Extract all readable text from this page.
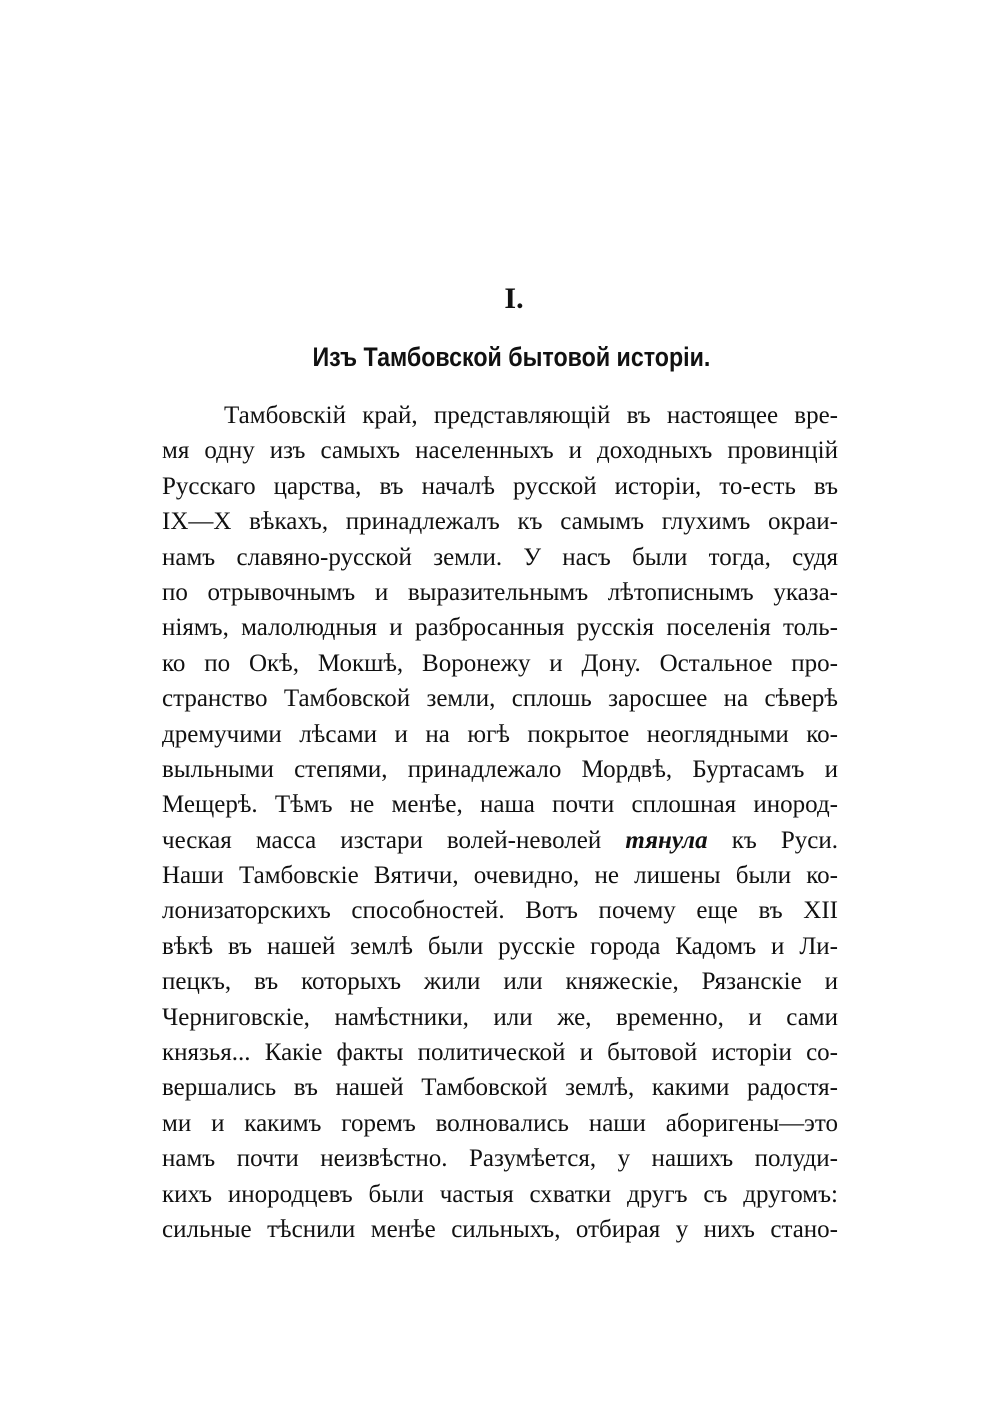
I.
Изъ Тамбовской бытовой исторiи.
Тамбовскiй край, представляющiй въ настоящее вре-
мя одну изъ самыхъ населенныхъ и доходныхъ провинцiй
Русскаго царства, въ началѣ русской исторiи, то-есть въ
IX—X вѣкахъ, принадлежалъ къ самымъ глухимъ окраи-
намъ славяно-русской земли. У насъ были тогда, судя
по отрывочнымъ и выразительнымъ лѣтописнымъ указа-
нiямъ, малолюдныя и разбросанныя русскiя поселенiя толь-
ко по Окѣ, Мокшѣ, Воронежу и Дону. Остальное про-
странство Тамбовской земли, сплошь заросшее на сѣверѣ
дремучими лѣсами и на югѣ покрытое неоглядными ко-
выльными степями, принадлежало Мордвѣ, Буртасамъ и
Мещерѣ. Тѣмъ не менѣе, наша почти сплошная инород-
ческая масса изстари волей-неволей тянула къ Руси.
Наши Тамбовскiе Вятичи, очевидно, не лишены были ко-
лонизаторскихъ способностей. Вотъ почему еще въ XII
вѣкѣ въ нашей землѣ были русскiе города Кадомъ и Ли-
пецкъ, въ которыхъ жили или княжескiе, Рязанскiе и
Черниговскiе, намѣстники, или же, временно, и сами
князья... Какiе факты политической и бытовой исторiи со-
вершались въ нашей Тамбовской землѣ, какими радостя-
ми и какимъ горемъ волновались наши аборигены—это
намъ почти неизвѣстно. Разумѣется, у нашихъ полуди-
кихъ инородцевъ были частыя схватки другъ съ другомъ:
сильные тѣснили менѣе сильныхъ, отбирая у нихъ стано-
